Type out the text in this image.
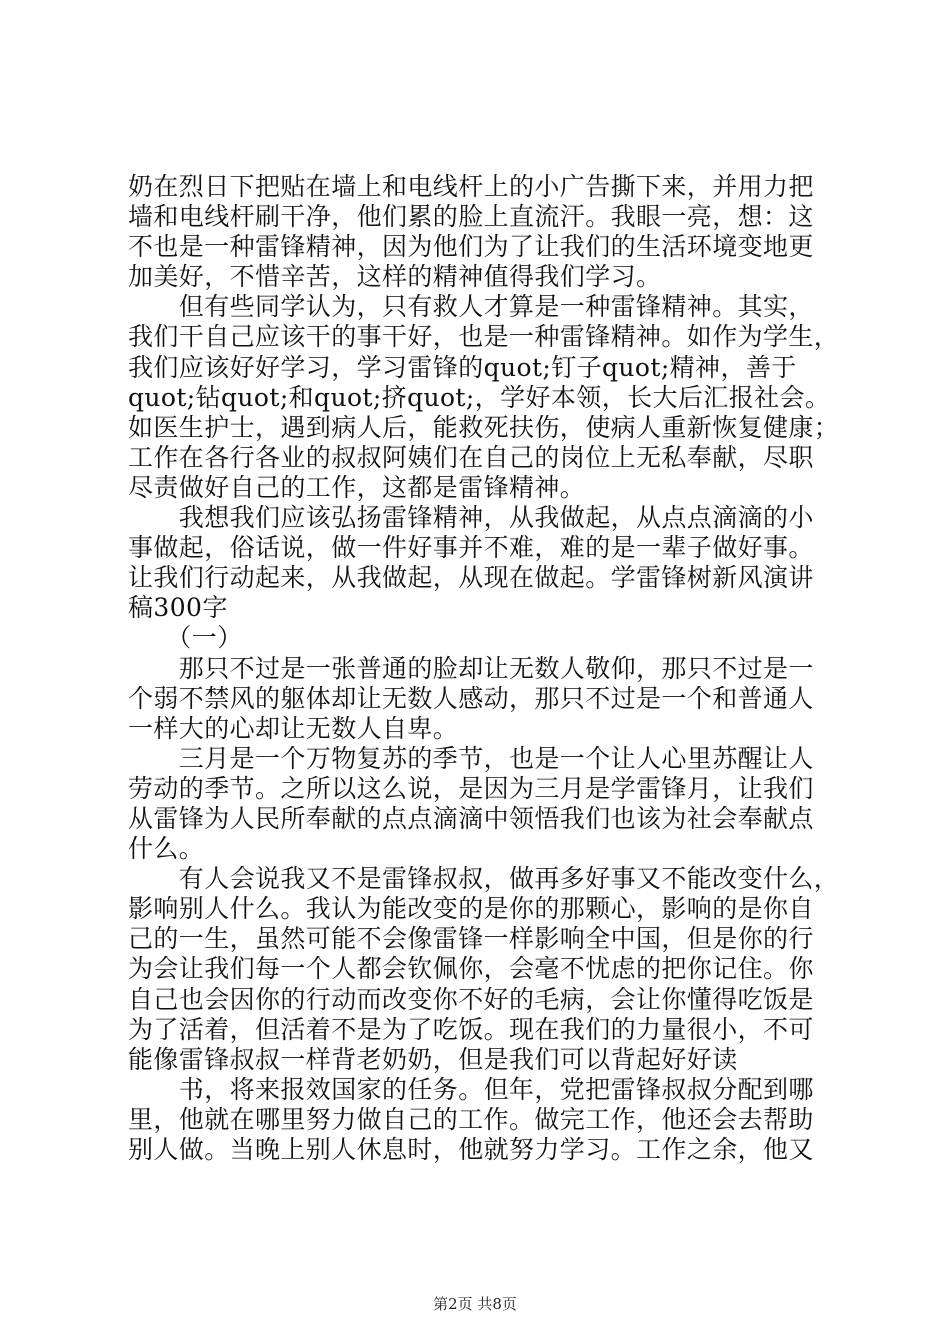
奶在烈日下把贴在墙上和电线杆上的小广告撕下来，并用力把
墙和电线杆刷干净，他们累的脸上直流汗。我眼一亮，想：这
不也是一种雷锋精神，因为他们为了让我们的生活环境变地更
加美好，不惜辛苦，这样的精神值得我们学习。
　　但有些同学认为，只有救人才算是一种雷锋精神。其实，
我们干自己应该干的事干好，也是一种雷锋精神。如作为学生，
我们应该好好学习，学习雷锋的quot;钉子quot;精神，善于
quot;钻quot;和quot;挤quot;，学好本领，长大后汇报社会。
如医生护士，遇到病人后，能救死扶伤，使病人重新恢复健康；
工作在各行各业的叔叔阿姨们在自己的岗位上无私奉献，尽职
尽责做好自己的工作，这都是雷锋精神。
　　我想我们应该弘扬雷锋精神，从我做起，从点点滴滴的小
事做起，俗话说，做一件好事并不难，难的是一辈子做好事。
让我们行动起来，从我做起，从现在做起。学雷锋树新风演讲
稿300字
　　（一）
　　那只不过是一张普通的脸却让无数人敬仰，那只不过是一
个弱不禁风的躯体却让无数人感动，那只不过是一个和普通人
一样大的心却让无数人自卑。
　　三月是一个万物复苏的季节，也是一个让人心里苏醒让人
劳动的季节。之所以这么说，是因为三月是学雷锋月，让我们
从雷锋为人民所奉献的点点滴滴中领悟我们也该为社会奉献点
什么。
　　有人会说我又不是雷锋叔叔，做再多好事又不能改变什么，
影响别人什么。我认为能改变的是你的那颗心，影响的是你自
己的一生，虽然可能不会像雷锋一样影响全中国，但是你的行
为会让我们每一个人都会钦佩你，会毫不忧虑的把你记住。你
自己也会因你的行动而改变你不好的毛病，会让你懂得吃饭是
为了活着，但活着不是为了吃饭。现在我们的力量很小，不可
能像雷锋叔叔一样背老奶奶，但是我们可以背起好好读
　　书，将来报效国家的任务。但年，党把雷锋叔叔分配到哪
里，他就在哪里努力做自己的工作。做完工作，他还会去帮助
别人做。当晚上别人休息时，他就努力学习。工作之余，他又
第2页 共8页
